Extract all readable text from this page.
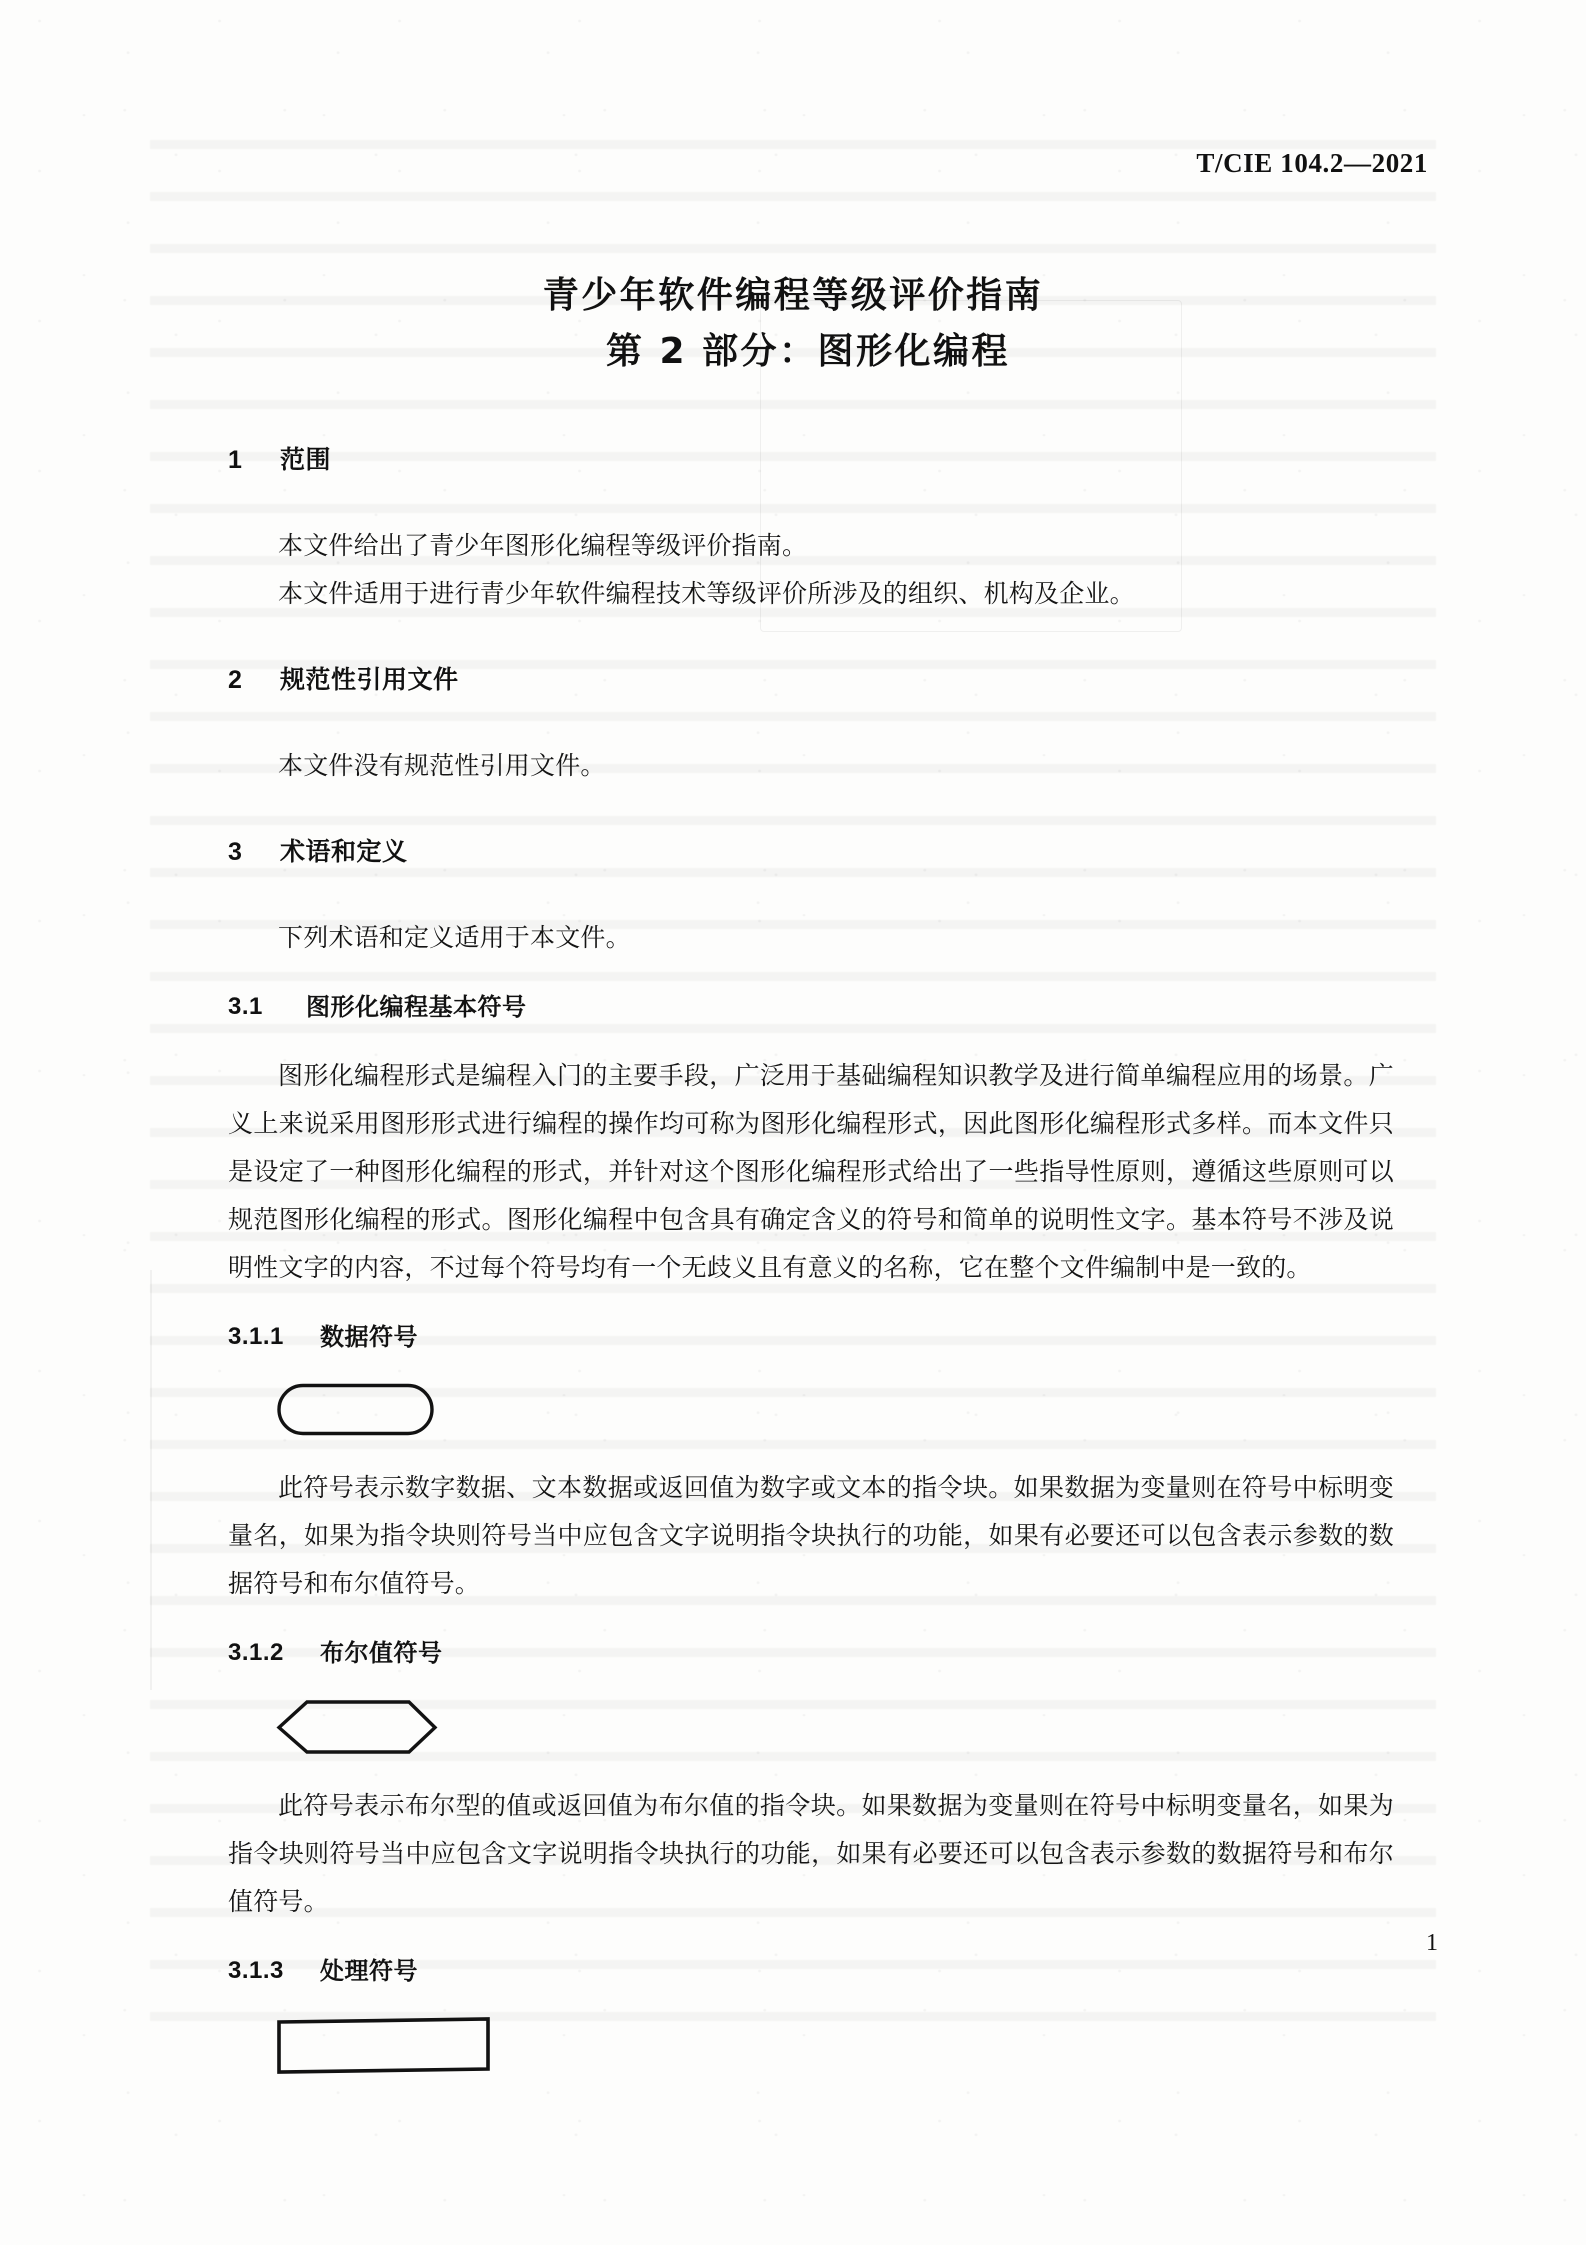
T/CIE 104.2—2021
青少年软件编程等级评价指南
第 2 部分：图形化编程
1	范围

本文件给出了青少年图形化编程等级评价指南。

本文件适用于进行青少年软件编程技术等级评价所涉及的组织、机构及企业。

2	规范性引用文件

本文件没有规范性引用文件。

3	术语和定义

下列术语和定义适用于本文件。

3.1	图形化编程基本符号

图形化编程形式是编程入门的主要手段，广泛用于基础编程知识教学及进行简单编程应用的场景。广义上来说采用图形形式进行编程的操作均可称为图形化编程形式，因此图形化编程形式多样。而本文件只是设定了一种图形化编程的形式，并针对这个图形化编程形式给出了一些指导性原则，遵循这些原则可以规范图形化编程的形式。图形化编程中包含具有确定含义的符号和简单的说明性文字。基本符号不涉及说明性文字的内容，不过每个符号均有一个无歧义且有意义的名称，它在整个文件编制中是一致的。

3.1.1	数据符号

此符号表示数字数据、文本数据或返回值为数字或文本的指令块。如果数据为变量则在符号中标明变量名，如果为指令块则符号当中应包含文字说明指令块执行的功能，如果有必要还可以包含表示参数的数据符号和布尔值符号。

3.1.2	布尔值符号

此符号表示布尔型的值或返回值为布尔值的指令块。如果数据为变量则在符号中标明变量名，如果为指令块则符号当中应包含文字说明指令块执行的功能，如果有必要还可以包含表示参数的数据符号和布尔值符号。

3.1.3	处理符号
1
